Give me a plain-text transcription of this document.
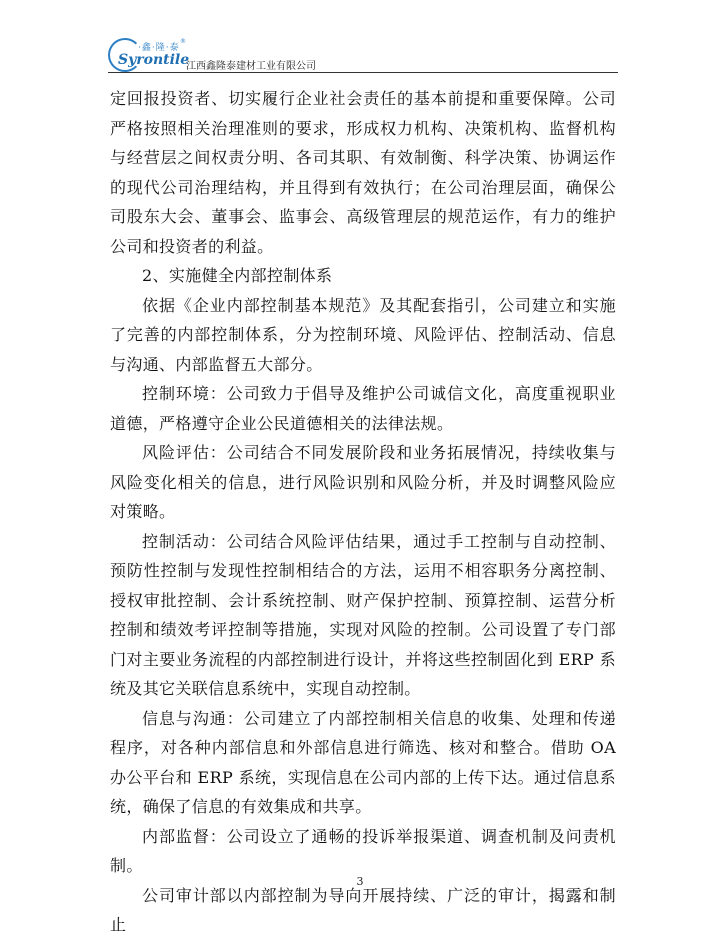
·鑫·隆·泰
®
Syrontile
江西鑫隆泰建材工业有限公司

定回报投资者、切实履行企业社会责任的基本前提和重要保障。公司严格按照相关治理准则的要求，形成权力机构、决策机构、监督机构与经营层之间权责分明、各司其职、有效制衡、科学决策、协调运作的现代公司治理结构，并且得到有效执行；在公司治理层面，确保公司股东大会、董事会、监事会、高级管理层的规范运作，有力的维护公司和投资者的利益。

2、实施健全内部控制体系

依据《企业内部控制基本规范》及其配套指引，公司建立和实施了完善的内部控制体系，分为控制环境、风险评估、控制活动、信息与沟通、内部监督五大部分。

控制环境：公司致力于倡导及维护公司诚信文化，高度重视职业道德，严格遵守企业公民道德相关的法律法规。

风险评估：公司结合不同发展阶段和业务拓展情况，持续收集与风险变化相关的信息，进行风险识别和风险分析，并及时调整风险应对策略。

控制活动：公司结合风险评估结果，通过手工控制与自动控制、预防性控制与发现性控制相结合的方法，运用不相容职务分离控制、授权审批控制、会计系统控制、财产保护控制、预算控制、运营分析控制和绩效考评控制等措施，实现对风险的控制。公司设置了专门部门对主要业务流程的内部控制进行设计，并将这些控制固化到 ERP 系统及其它关联信息系统中，实现自动控制。

信息与沟通：公司建立了内部控制相关信息的收集、处理和传递程序，对各种内部信息和外部信息进行筛选、核对和整合。借助 OA 办公平台和 ERP 系统，实现信息在公司内部的上传下达。通过信息系统，确保了信息的有效集成和共享。

内部监督：公司设立了通畅的投诉举报渠道、调查机制及问责机制。

公司审计部以内部控制为导向开展持续、广泛的审计，揭露和制止

3
